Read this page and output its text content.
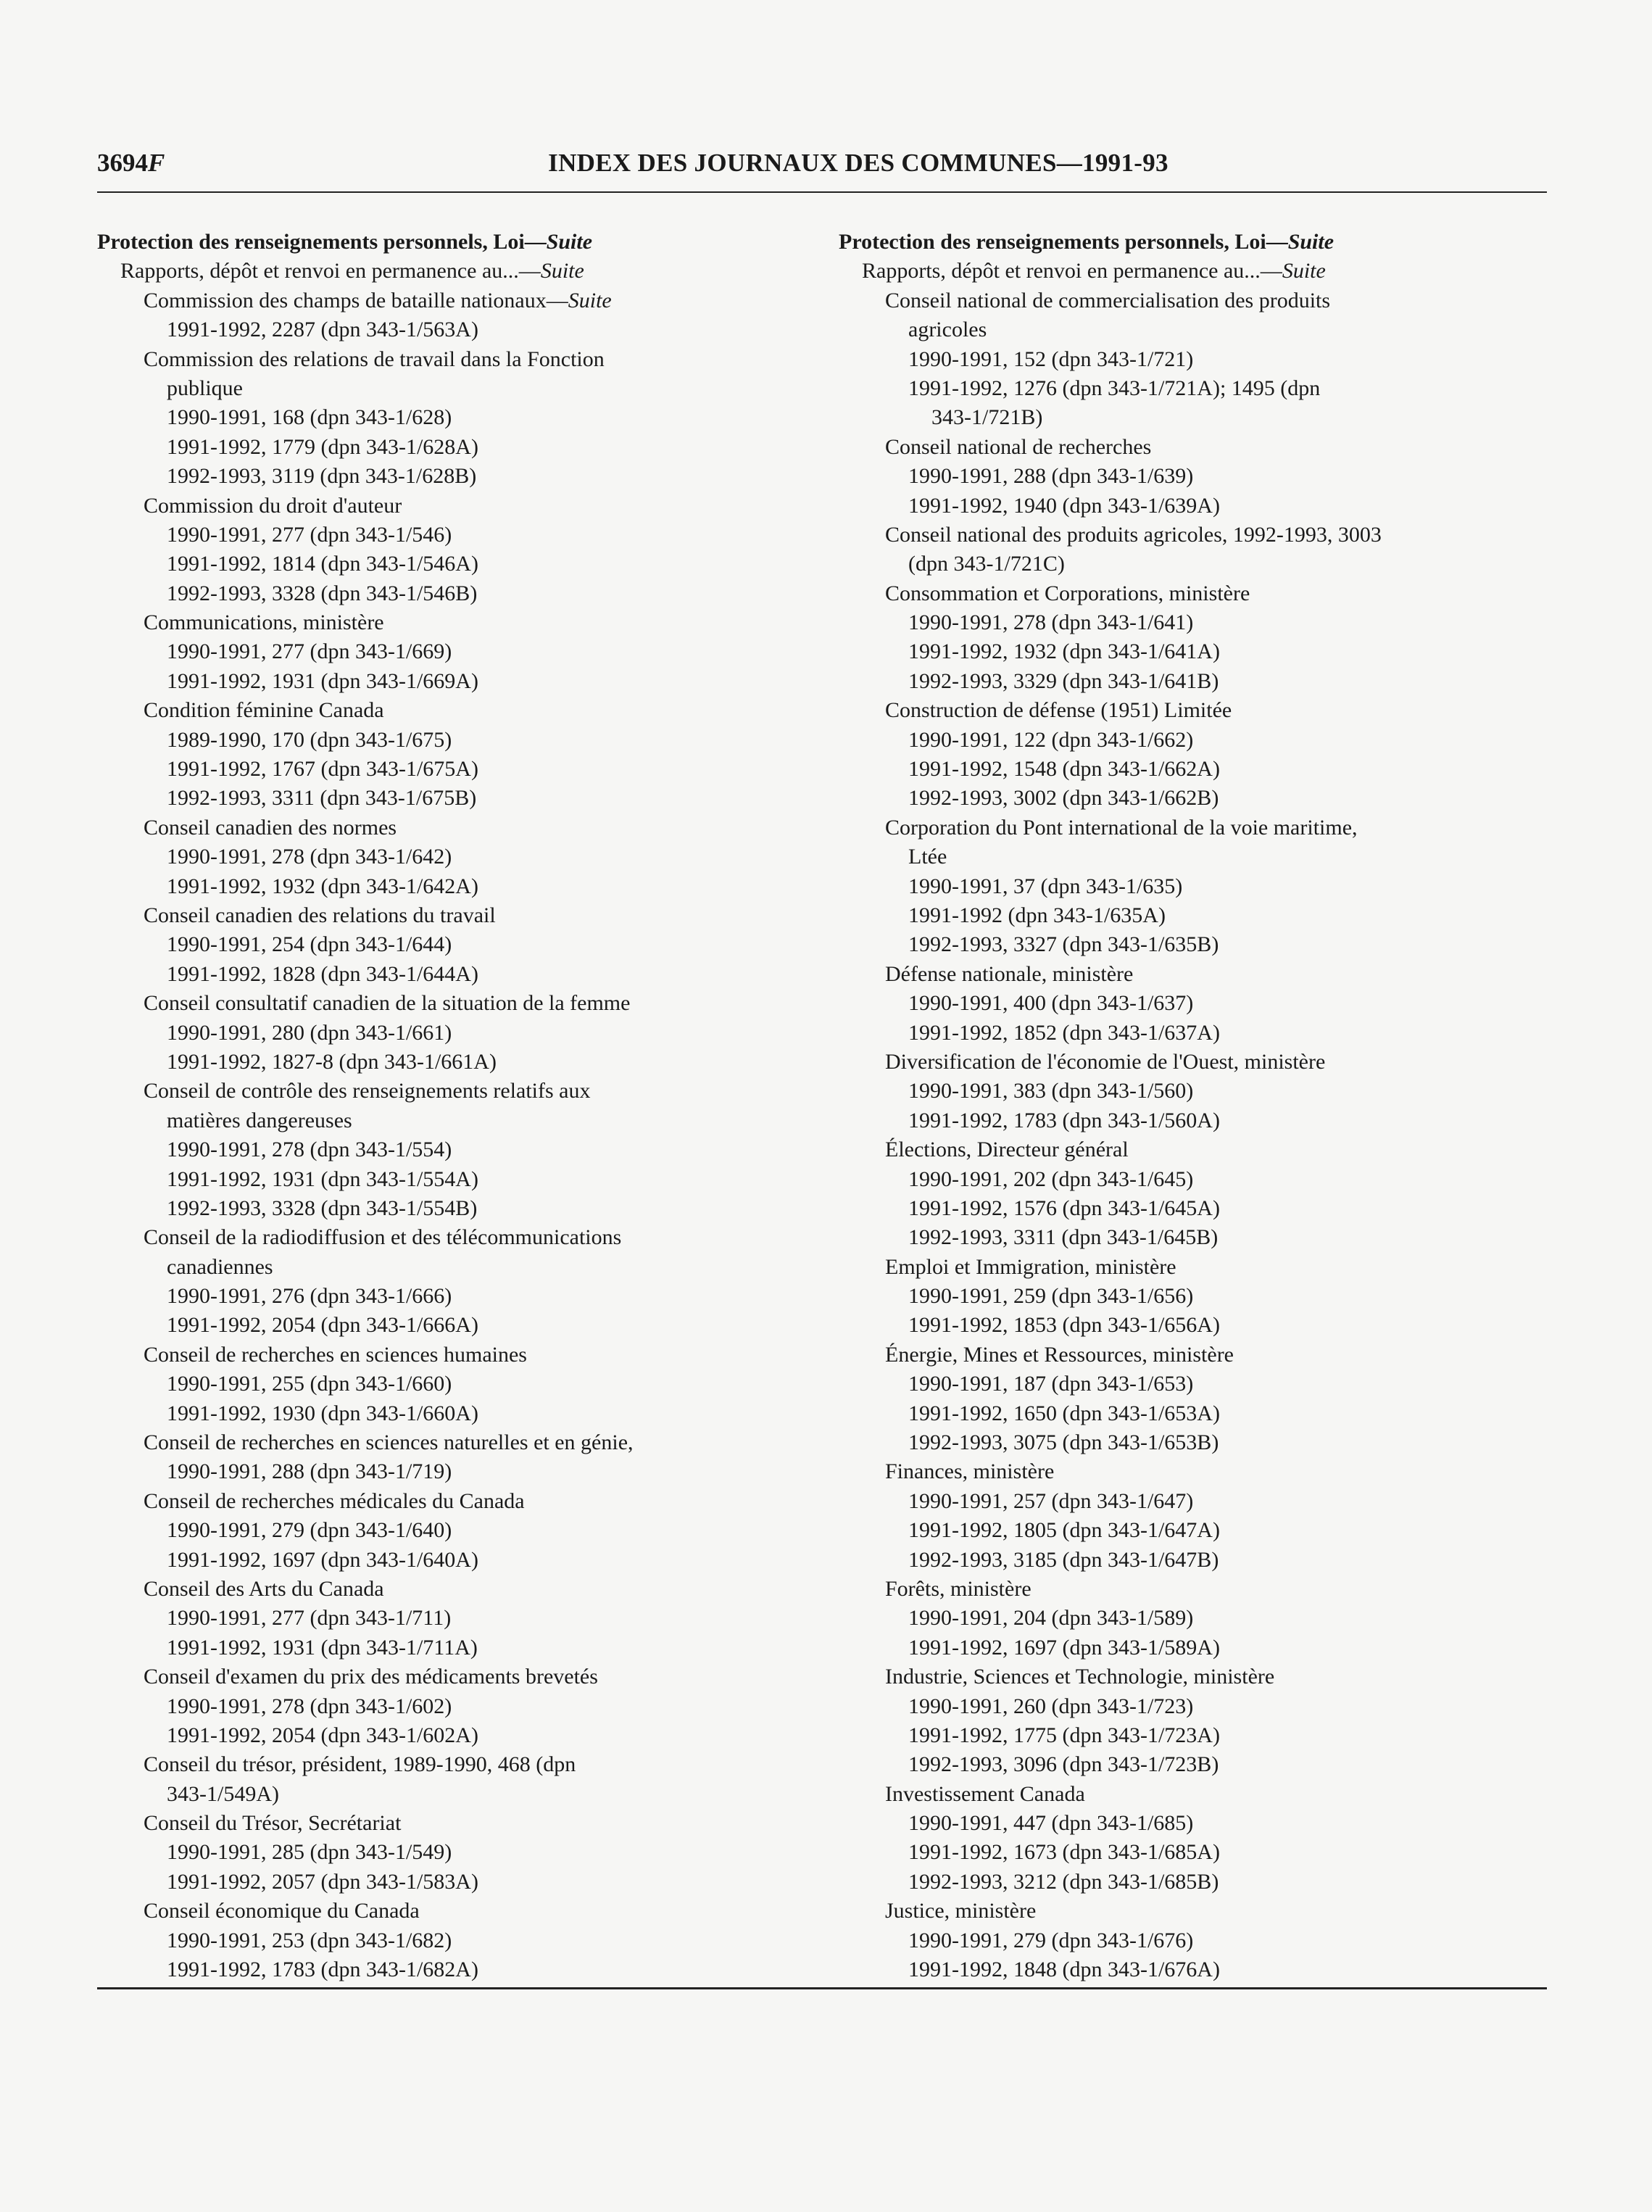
3694F	INDEX DES JOURNAUX DES COMMUNES—1991-93
Protection des renseignements personnels, Loi—Suite
Rapports, dépôt et renvoi en permanence au...—Suite
Commission des champs de bataille nationaux—Suite
1991-1992, 2287 (dpn 343-1/563A)
Commission des relations de travail dans la Fonction
publique
1990-1991, 168 (dpn 343-1/628)
1991-1992, 1779 (dpn 343-1/628A)
1992-1993, 3119 (dpn 343-1/628B)
Commission du droit d'auteur
1990-1991, 277 (dpn 343-1/546)
1991-1992, 1814 (dpn 343-1/546A)
1992-1993, 3328 (dpn 343-1/546B)
Communications, ministère
1990-1991, 277 (dpn 343-1/669)
1991-1992, 1931 (dpn 343-1/669A)
Condition féminine Canada
1989-1990, 170 (dpn 343-1/675)
1991-1992, 1767 (dpn 343-1/675A)
1992-1993, 3311 (dpn 343-1/675B)
Conseil canadien des normes
1990-1991, 278 (dpn 343-1/642)
1991-1992, 1932 (dpn 343-1/642A)
Conseil canadien des relations du travail
1990-1991, 254 (dpn 343-1/644)
1991-1992, 1828 (dpn 343-1/644A)
Conseil consultatif canadien de la situation de la femme
1990-1991, 280 (dpn 343-1/661)
1991-1992, 1827-8 (dpn 343-1/661A)
Conseil de contrôle des renseignements relatifs aux
matières dangereuses
1990-1991, 278 (dpn 343-1/554)
1991-1992, 1931 (dpn 343-1/554A)
1992-1993, 3328 (dpn 343-1/554B)
Conseil de la radiodiffusion et des télécommunications
canadiennes
1990-1991, 276 (dpn 343-1/666)
1991-1992, 2054 (dpn 343-1/666A)
Conseil de recherches en sciences humaines
1990-1991, 255 (dpn 343-1/660)
1991-1992, 1930 (dpn 343-1/660A)
Conseil de recherches en sciences naturelles et en génie,
1990-1991, 288 (dpn 343-1/719)
Conseil de recherches médicales du Canada
1990-1991, 279 (dpn 343-1/640)
1991-1992, 1697 (dpn 343-1/640A)
Conseil des Arts du Canada
1990-1991, 277 (dpn 343-1/711)
1991-1992, 1931 (dpn 343-1/711A)
Conseil d'examen du prix des médicaments brevetés
1990-1991, 278 (dpn 343-1/602)
1991-1992, 2054 (dpn 343-1/602A)
Conseil du trésor, président, 1989-1990, 468 (dpn
343-1/549A)
Conseil du Trésor, Secrétariat
1990-1991, 285 (dpn 343-1/549)
1991-1992, 2057 (dpn 343-1/583A)
Conseil économique du Canada
1990-1991, 253 (dpn 343-1/682)
1991-1992, 1783 (dpn 343-1/682A)
Protection des renseignements personnels, Loi—Suite
Rapports, dépôt et renvoi en permanence au...—Suite
Conseil national de commercialisation des produits
agricoles
1990-1991, 152 (dpn 343-1/721)
1991-1992, 1276 (dpn 343-1/721A); 1495 (dpn
343-1/721B)
Conseil national de recherches
1990-1991, 288 (dpn 343-1/639)
1991-1992, 1940 (dpn 343-1/639A)
Conseil national des produits agricoles, 1992-1993, 3003
(dpn 343-1/721C)
Consommation et Corporations, ministère
1990-1991, 278 (dpn 343-1/641)
1991-1992, 1932 (dpn 343-1/641A)
1992-1993, 3329 (dpn 343-1/641B)
Construction de défense (1951) Limitée
1990-1991, 122 (dpn 343-1/662)
1991-1992, 1548 (dpn 343-1/662A)
1992-1993, 3002 (dpn 343-1/662B)
Corporation du Pont international de la voie maritime,
Ltée
1990-1991, 37 (dpn 343-1/635)
1991-1992 (dpn 343-1/635A)
1992-1993, 3327 (dpn 343-1/635B)
Défense nationale, ministère
1990-1991, 400 (dpn 343-1/637)
1991-1992, 1852 (dpn 343-1/637A)
Diversification de l'économie de l'Ouest, ministère
1990-1991, 383 (dpn 343-1/560)
1991-1992, 1783 (dpn 343-1/560A)
Élections, Directeur général
1990-1991, 202 (dpn 343-1/645)
1991-1992, 1576 (dpn 343-1/645A)
1992-1993, 3311 (dpn 343-1/645B)
Emploi et Immigration, ministère
1990-1991, 259 (dpn 343-1/656)
1991-1992, 1853 (dpn 343-1/656A)
Énergie, Mines et Ressources, ministère
1990-1991, 187 (dpn 343-1/653)
1991-1992, 1650 (dpn 343-1/653A)
1992-1993, 3075 (dpn 343-1/653B)
Finances, ministère
1990-1991, 257 (dpn 343-1/647)
1991-1992, 1805 (dpn 343-1/647A)
1992-1993, 3185 (dpn 343-1/647B)
Forêts, ministère
1990-1991, 204 (dpn 343-1/589)
1991-1992, 1697 (dpn 343-1/589A)
Industrie, Sciences et Technologie, ministère
1990-1991, 260 (dpn 343-1/723)
1991-1992, 1775 (dpn 343-1/723A)
1992-1993, 3096 (dpn 343-1/723B)
Investissement Canada
1990-1991, 447 (dpn 343-1/685)
1991-1992, 1673 (dpn 343-1/685A)
1992-1993, 3212 (dpn 343-1/685B)
Justice, ministère
1990-1991, 279 (dpn 343-1/676)
1991-1992, 1848 (dpn 343-1/676A)
